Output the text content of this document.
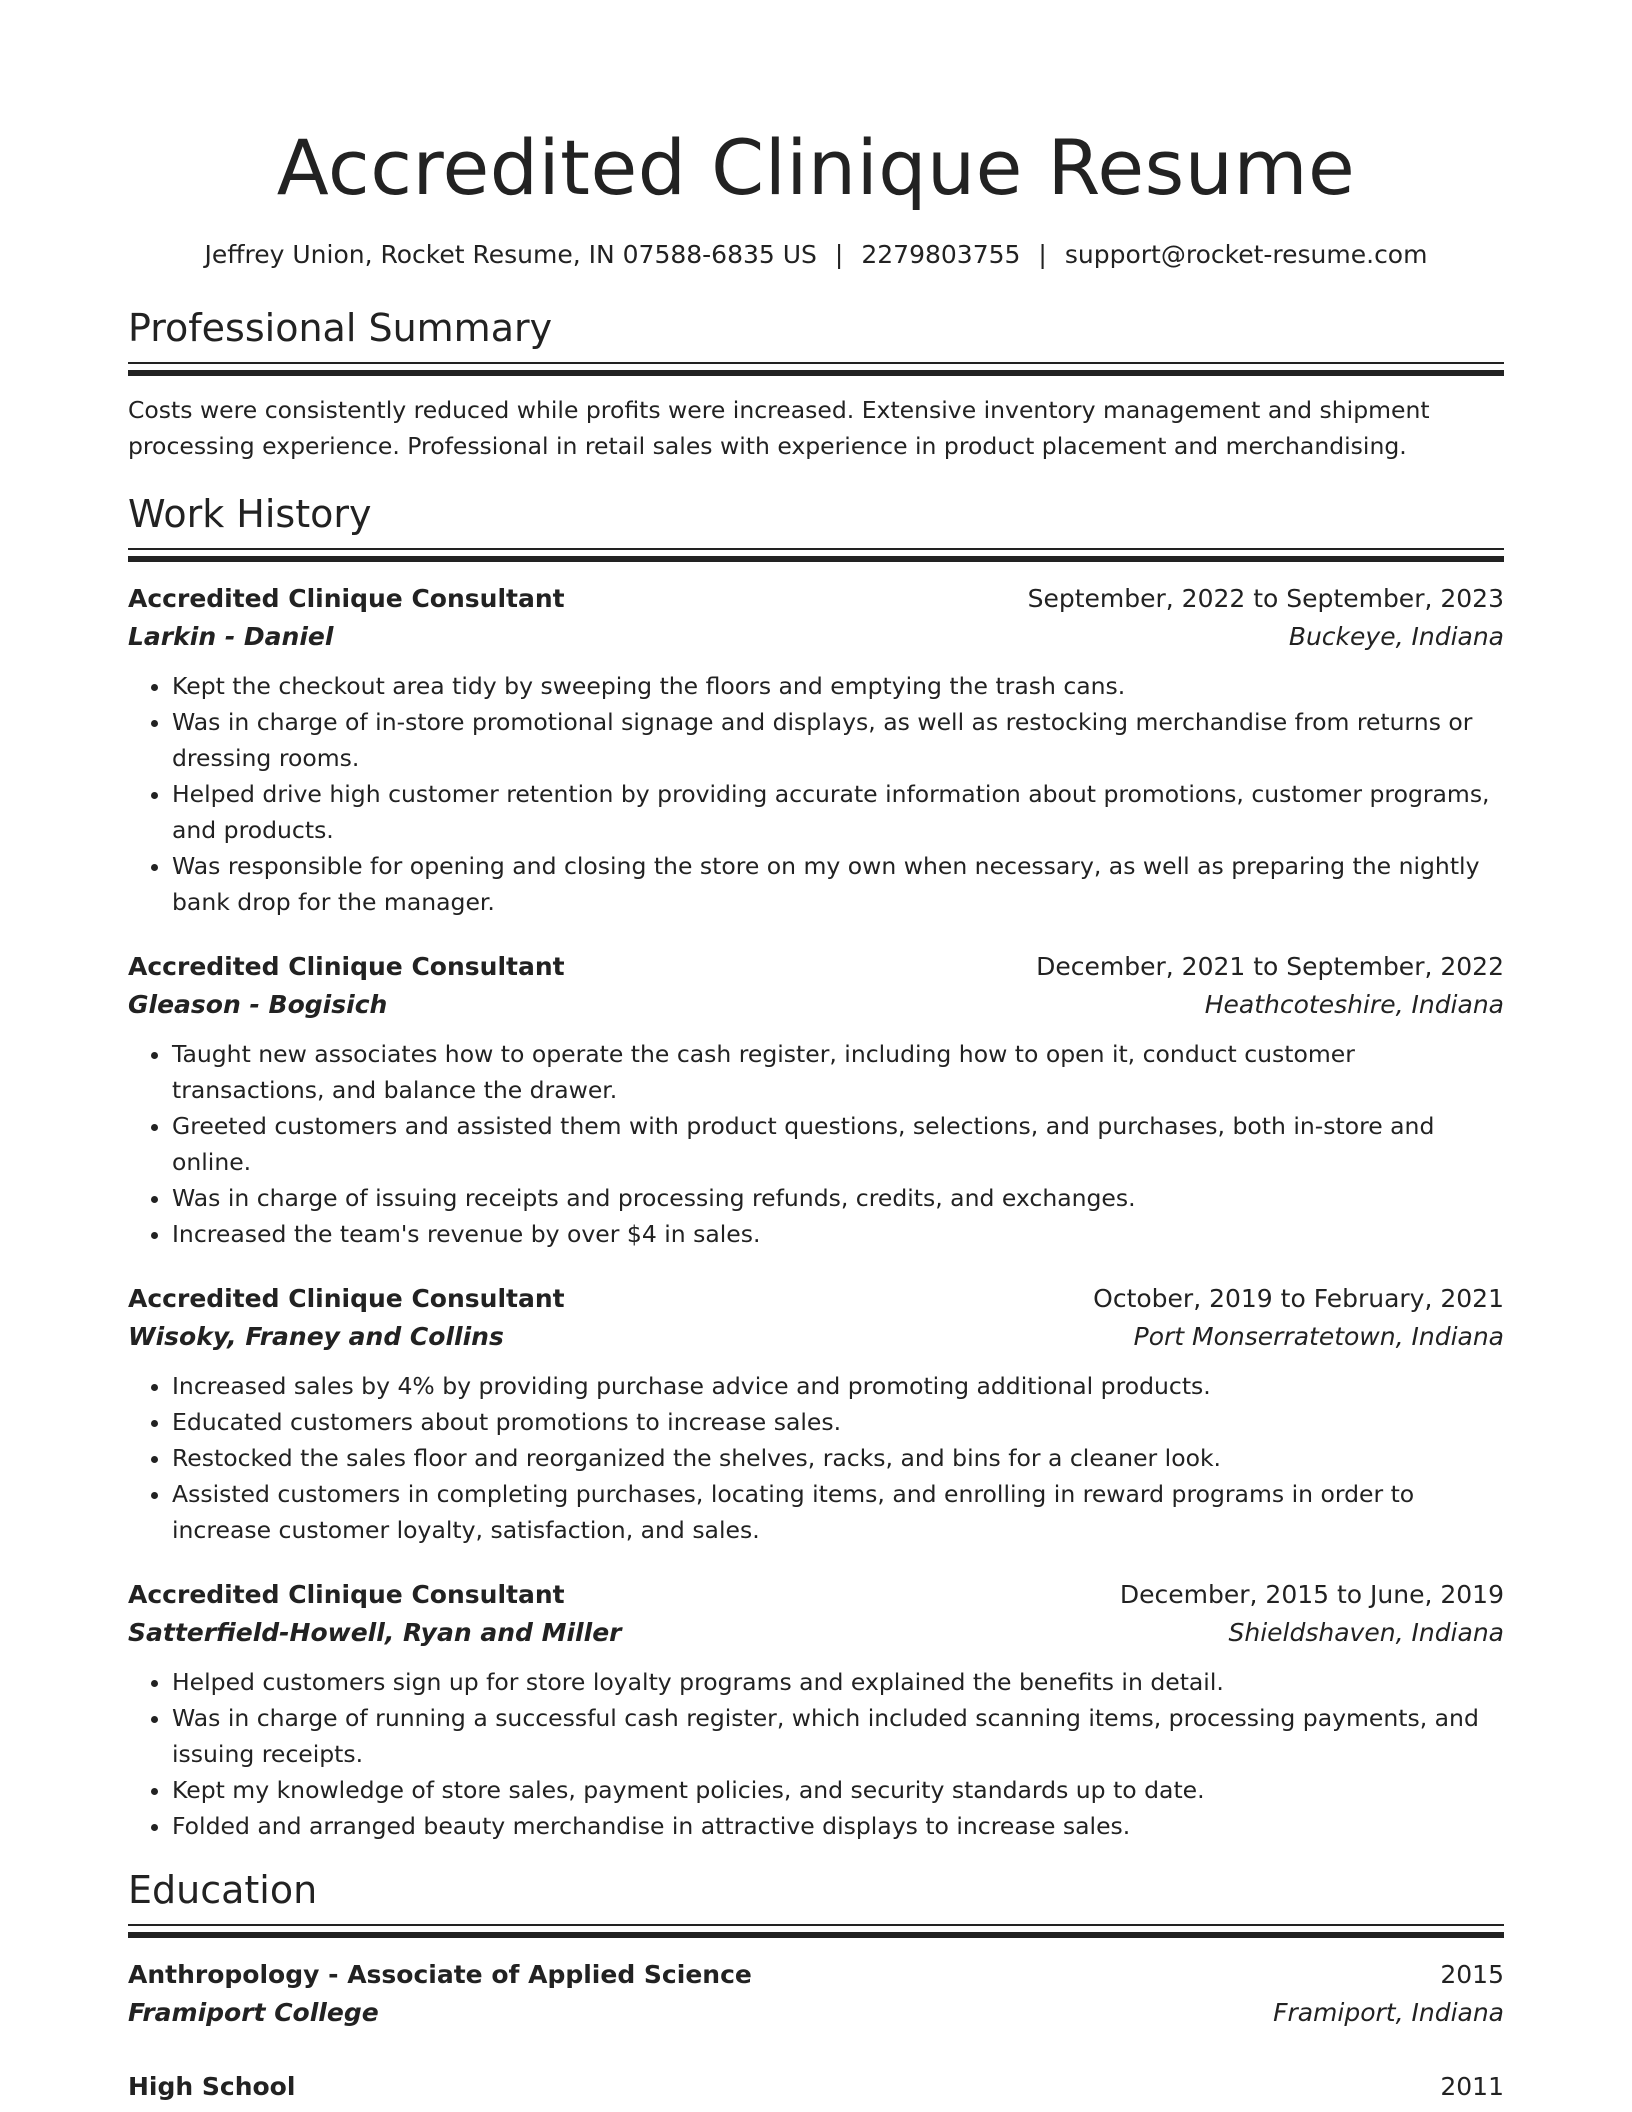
Accredited Clinique Resume
Jeffrey Union, Rocket Resume, IN 07588-6835 US | 2279803755 | support@rocket-resume.com
Professional Summary
Costs were consistently reduced while profits were increased. Extensive inventory management and shipment processing experience. Professional in retail sales with experience in product placement and merchandising.
Work History
Accredited Clinique Consultant	September, 2022 to September, 2023
Larkin - Daniel	Buckeye, Indiana
• Kept the checkout area tidy by sweeping the floors and emptying the trash cans.
• Was in charge of in-store promotional signage and displays, as well as restocking merchandise from returns or dressing rooms.
• Helped drive high customer retention by providing accurate information about promotions, customer programs, and products.
• Was responsible for opening and closing the store on my own when necessary, as well as preparing the nightly bank drop for the manager.
Accredited Clinique Consultant	December, 2021 to September, 2022
Gleason - Bogisich	Heathcoteshire, Indiana
• Taught new associates how to operate the cash register, including how to open it, conduct customer transactions, and balance the drawer.
• Greeted customers and assisted them with product questions, selections, and purchases, both in-store and online.
• Was in charge of issuing receipts and processing refunds, credits, and exchanges.
• Increased the team's revenue by over $4 in sales.
Accredited Clinique Consultant	October, 2019 to February, 2021
Wisoky, Franey and Collins	Port Monserratetown, Indiana
• Increased sales by 4% by providing purchase advice and promoting additional products.
• Educated customers about promotions to increase sales.
• Restocked the sales floor and reorganized the shelves, racks, and bins for a cleaner look.
• Assisted customers in completing purchases, locating items, and enrolling in reward programs in order to increase customer loyalty, satisfaction, and sales.
Accredited Clinique Consultant	December, 2015 to June, 2019
Satterfield-Howell, Ryan and Miller	Shieldshaven, Indiana
• Helped customers sign up for store loyalty programs and explained the benefits in detail.
• Was in charge of running a successful cash register, which included scanning items, processing payments, and issuing receipts.
• Kept my knowledge of store sales, payment policies, and security standards up to date.
• Folded and arranged beauty merchandise in attractive displays to increase sales.
Education
Anthropology - Associate of Applied Science	2015
Framiport College	Framiport, Indiana
High School	2011
